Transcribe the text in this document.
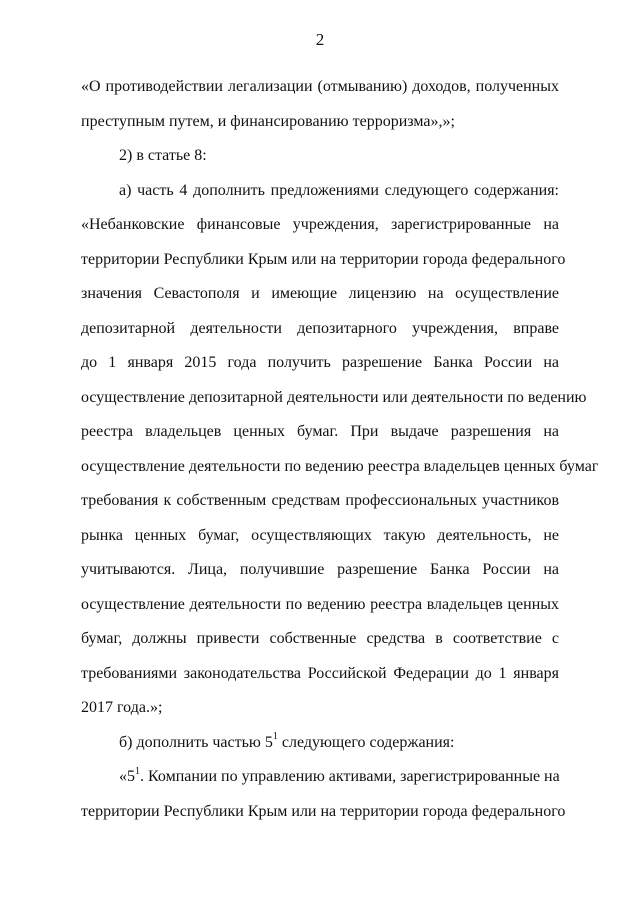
2
«О противодействии легализации (отмыванию) доходов, полученных
преступным путем, и финансированию терроризма»,»;
2) в статье 8:
а) часть 4 дополнить предложениями следующего содержания:
«Небанковские финансовые учреждения, зарегистрированные на
территории Республики Крым или на территории города федерального
значения Севастополя и имеющие лицензию на осуществление
депозитарной деятельности депозитарного учреждения, вправе
до 1 января 2015 года получить разрешение Банка России на
осуществление депозитарной деятельности или деятельности по ведению
реестра владельцев ценных бумаг. При выдаче разрешения на
осуществление деятельности по ведению реестра владельцев ценных бумаг
требования к собственным средствам профессиональных участников
рынка ценных бумаг, осуществляющих такую деятельность, не
учитываются. Лица, получившие разрешение Банка России на
осуществление деятельности по ведению реестра владельцев ценных
бумаг, должны привести собственные средства в соответствие с
требованиями законодательства Российской Федерации до 1 января
2017 года.»;
б) дополнить частью $5^1$ следующего содержания:
«$5^1$. Компании по управлению активами, зарегистрированные на
территории Республики Крым или на территории города федерального
